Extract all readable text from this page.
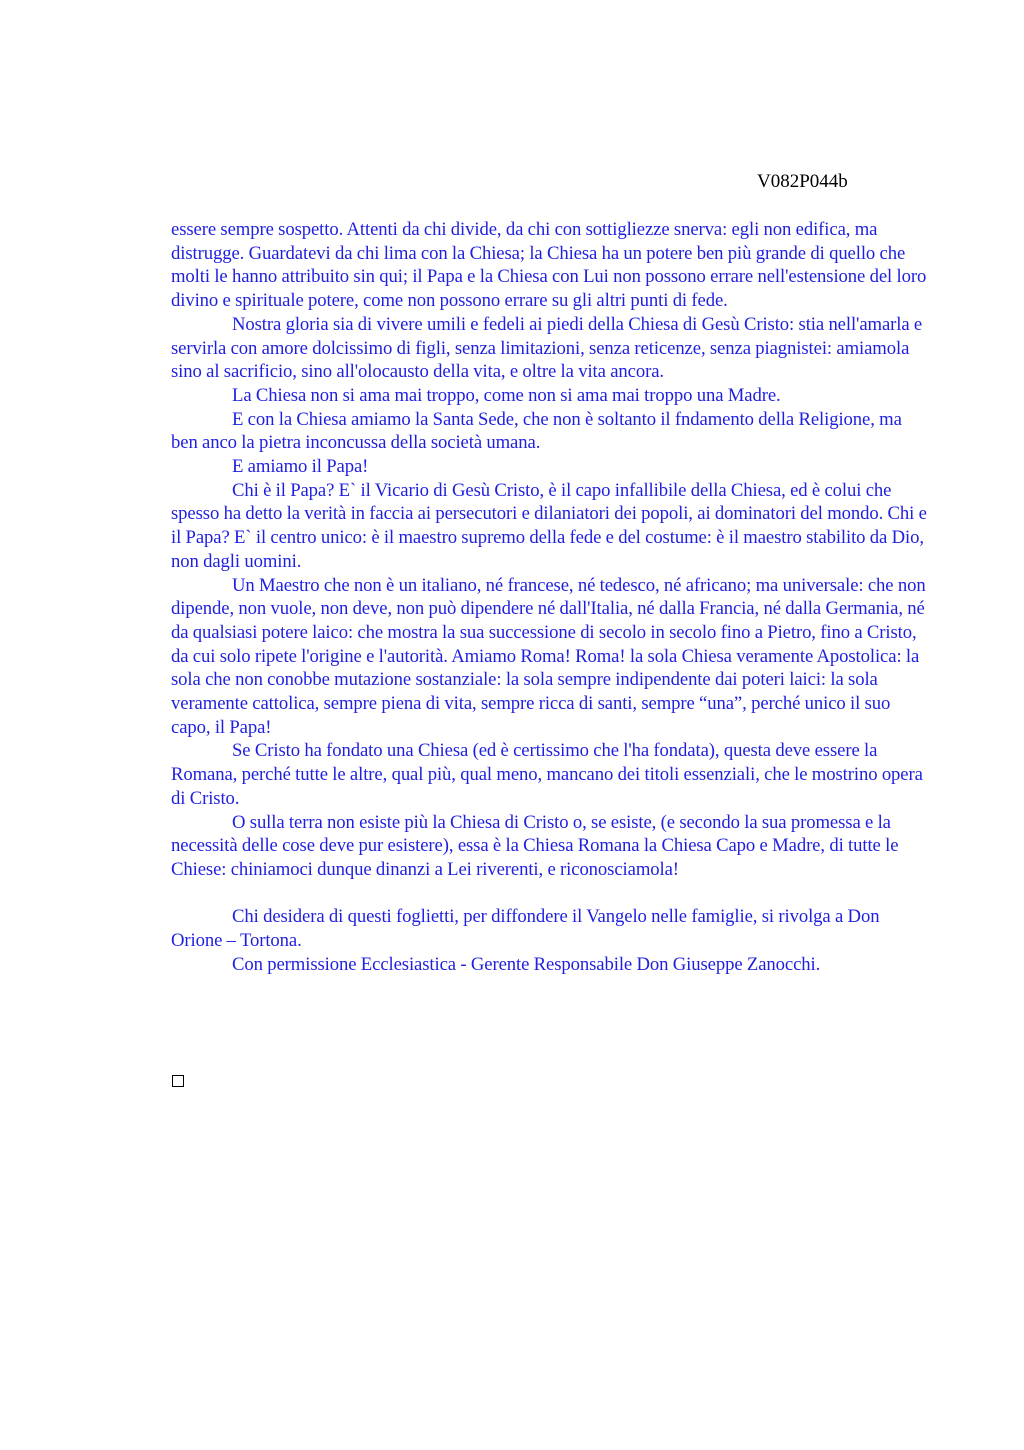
V082P044b

essere sempre sospetto. Attenti da chi divide, da chi con sottigliezze snerva: egli non edifica, ma distrugge. Guardatevi da chi lima con la Chiesa; la Chiesa ha un potere ben più grande di quello che molti le hanno attribuito sin qui; il Papa e la Chiesa con Lui non possono errare nell'estensione del loro divino e spirituale potere, come non possono errare su gli altri punti di fede.

Nostra gloria sia di vivere umili e fedeli ai piedi della Chiesa di Gesù Cristo: stia nell'amarla e servirla con amore dolcissimo di figli, senza limitazioni, senza reticenze, senza piagnistei: amiamola sino al sacrificio, sino all'olocausto della vita, e oltre la vita ancora.

La Chiesa non si ama mai troppo, come non si ama mai troppo una Madre.

E con la Chiesa amiamo la Santa Sede, che non è soltanto il fndamento della Religione, ma ben anco la pietra inconcussa della società umana.

E amiamo il Papa!

Chi è il Papa? E` il Vicario di Gesù Cristo, è il capo infallibile della Chiesa, ed è colui che spesso ha detto la verità in faccia ai persecutori e dilaniatori dei popoli, ai dominatori del mondo. Chi e il Papa? E` il centro unico: è il maestro supremo della fede e del costume: è il maestro stabilito da Dio, non dagli uomini.

Un Maestro che non è un italiano, né francese, né tedesco, né africano; ma universale: che non dipende, non vuole, non deve, non può dipendere né dall'Italia, né dalla Francia, né dalla Germania, né da qualsiasi potere laico: che mostra la sua successione di secolo in secolo fino a Pietro, fino a Cristo, da cui solo ripete l'origine e l'autorità. Amiamo Roma! Roma! la sola Chiesa veramente Apostolica: la sola che non conobbe mutazione sostanziale: la sola sempre indipendente dai poteri laici: la sola veramente cattolica, sempre piena di vita, sempre ricca di santi, sempre “una”, perché unico il suo capo, il Papa!

Se Cristo ha fondato una Chiesa (ed è certissimo che l'ha fondata), questa deve essere la Romana, perché tutte le altre, qual più, qual meno, mancano dei titoli essenziali, che le mostrino opera di Cristo.

O sulla terra non esiste più la Chiesa di Cristo o, se esiste, (e secondo la sua promessa e la necessità delle cose deve pur esistere), essa è la Chiesa Romana la Chiesa Capo e Madre, di tutte le Chiese: chiniamoci dunque dinanzi a Lei riverenti, e riconosciamola!

Chi desidera di questi foglietti, per diffondere il Vangelo nelle famiglie, si rivolga a Don Orione – Tortona.

Con permissione Ecclesiastica - Gerente Responsabile Don Giuseppe Zanocchi.
